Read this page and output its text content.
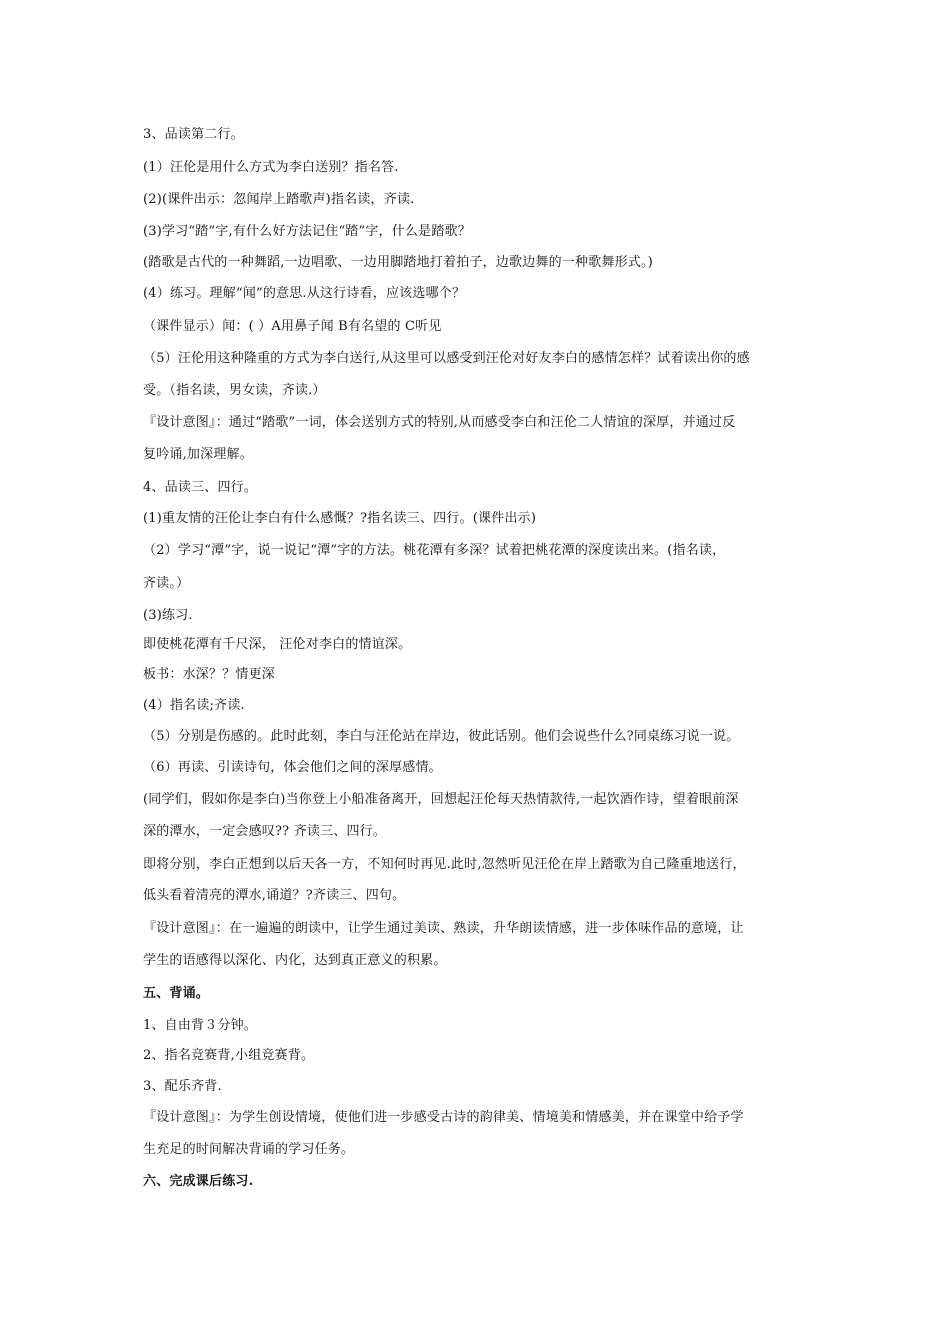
3、品读第二行。
(1）汪伦是用什么方式为李白送别？指名答.
(2)(课件出示：忽闻岸上踏歌声)指名读，齐读.
(3)学习“踏”字,有什么好方法记住“踏”字，什么是踏歌？
(踏歌是古代的一种舞蹈,一边唱歌、一边用脚踏地打着拍子，边歌边舞的一种歌舞形式。)
(4）练习。理解“闻”的意思.从这行诗看，应该选哪个？
（课件显示）闻：( ）A用鼻子闻 B有名望的 C听见
（5）汪伦用这种隆重的方式为李白送行,从这里可以感受到汪伦对好友李白的感情怎样？试着读出你的感
受。（指名读，男女读，齐读.）
『设计意图』：通过“踏歌”一词，体会送别方式的特别,从而感受李白和汪伦二人情谊的深厚，并通过反
复吟诵,加深理解。
4、品读三、四行。
(1)重友情的汪伦让李白有什么感慨？?指名读三、四行。(课件出示)
（2）学习“潭”字，说一说记“潭”字的方法。桃花潭有多深？试着把桃花潭的深度读出来。(指名读，
齐读。）
(3)练习.
即使桃花潭有千尺深， 汪伦对李白的情谊深。
板书：水深？？情更深
(4）指名读;齐读.
（5）分别是伤感的。此时此刻，李白与汪伦站在岸边，彼此话别。他们会说些什么?同桌练习说一说。
（6）再读、引读诗句，体会他们之间的深厚感情。
(同学们，假如你是李白)当你登上小船准备离开，回想起汪伦每天热情款待,一起饮酒作诗，望着眼前深
深的潭水，一定会感叹?? 齐读三、四行。
即将分别，李白正想到以后天各一方，不知何时再见.此时,忽然听见汪伦在岸上踏歌为自己隆重地送行，
低头看着清亮的潭水,诵道？?齐读三、四句。
『设计意图』：在一遍遍的朗读中，让学生通过美读、熟读，升华朗读情感，进一步体味作品的意境，让
学生的语感得以深化、内化，达到真正意义的积累。
五、背诵。
1、自由背３分钟。
2、指名竞赛背,小组竞赛背。
3、配乐齐背.
『设计意图』：为学生创设情境，使他们进一步感受古诗的韵律美、情境美和情感美，并在课堂中给予学
生充足的时间解决背诵的学习任务。
六、完成课后练习.
